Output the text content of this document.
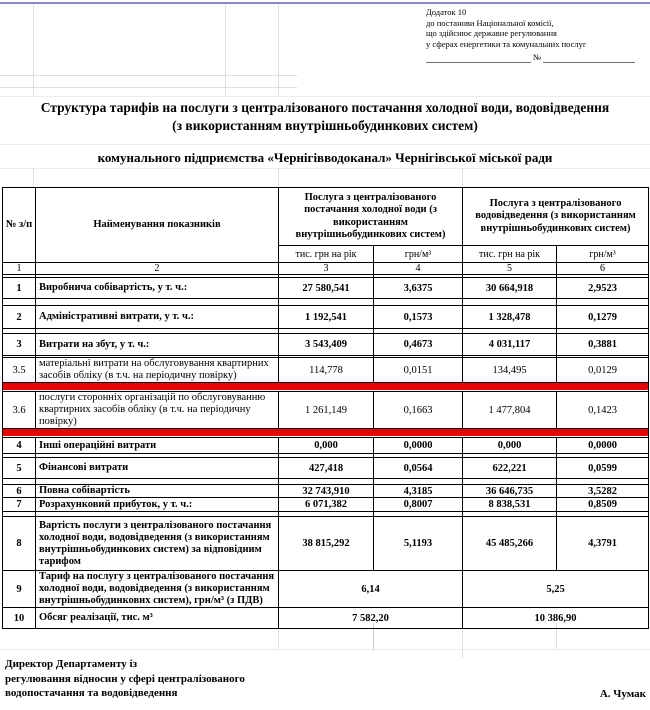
Додаток 10
до постанови Національної комісії,
що здійснює державне регулювання
у сферах енергетики та комунальних послуг
№
Структура тарифів на послуги з централізованого постачання холодної води, водовідведення
(з використанням внутрішньобудинкових систем)
комунального підприємства «Чернігівводоканал» Чернігівської міської ради
№ з/п	Найменування показників	Послуга з централізованого постачання холодної води (з використанням внутрішньобудинкових систем)		Послуга з централізованого водовідведення (з використанням внутрішньобудинкових систем)	
		тис. грн на рік	грн/м³	тис. грн на рік	грн/м³
1	2	3	4	5	6

1	Виробнича собівартість, у т. ч.:	27 580,541	3,6375	30 664,918	2,9523

2	Адміністративні витрати, у т. ч.:	1 192,541	0,1573	1 328,478	0,1279

3	Витрати на збут, у т. ч.:	3 543,409	0,4673	4 031,117	0,3881

3.5	матеріальні витрати на обслуговування квартирних засобів обліку (в т.ч. на періодичну повірку)	114,778	0,0151	134,495	0,0129

3.6	послуги сторонніх організацій по обслуговуванню квартирних засобів обліку (в т.ч. на періодичну повірку)	1 261,149	0,1663	1 477,804	0,1423

4	Інші операційні витрати	0,000	0,0000	0,000	0,0000

5	Фінансові витрати	427,418	0,0564	622,221	0,0599

6	Повна собівартість	32 743,910	4,3185	36 646,735	3,5282
7	Розрахунковий прибуток, у т. ч.:	6 071,382	0,8007	8 838,531	0,8509

8	Вартість послуги з централізованого постачання холодної води, водовідведення (з використанням внутрішньобудинкових систем) за відповідним тарифом	38 815,292	5,1193	45 485,266	4,3791
9	Тариф на послугу з централізованого постачання холодної води, водовідведення (з використанням внутрішньобудинкових систем), грн/м³ (з ПДВ)	6,14		5,25	
10	Обсяг реалізації, тис. м³	7 582,20		10 386,90	
Директор Департаменту із
регулювання відносин у сфері централізованого
водопостачання та водовідведення	А. Чумак
